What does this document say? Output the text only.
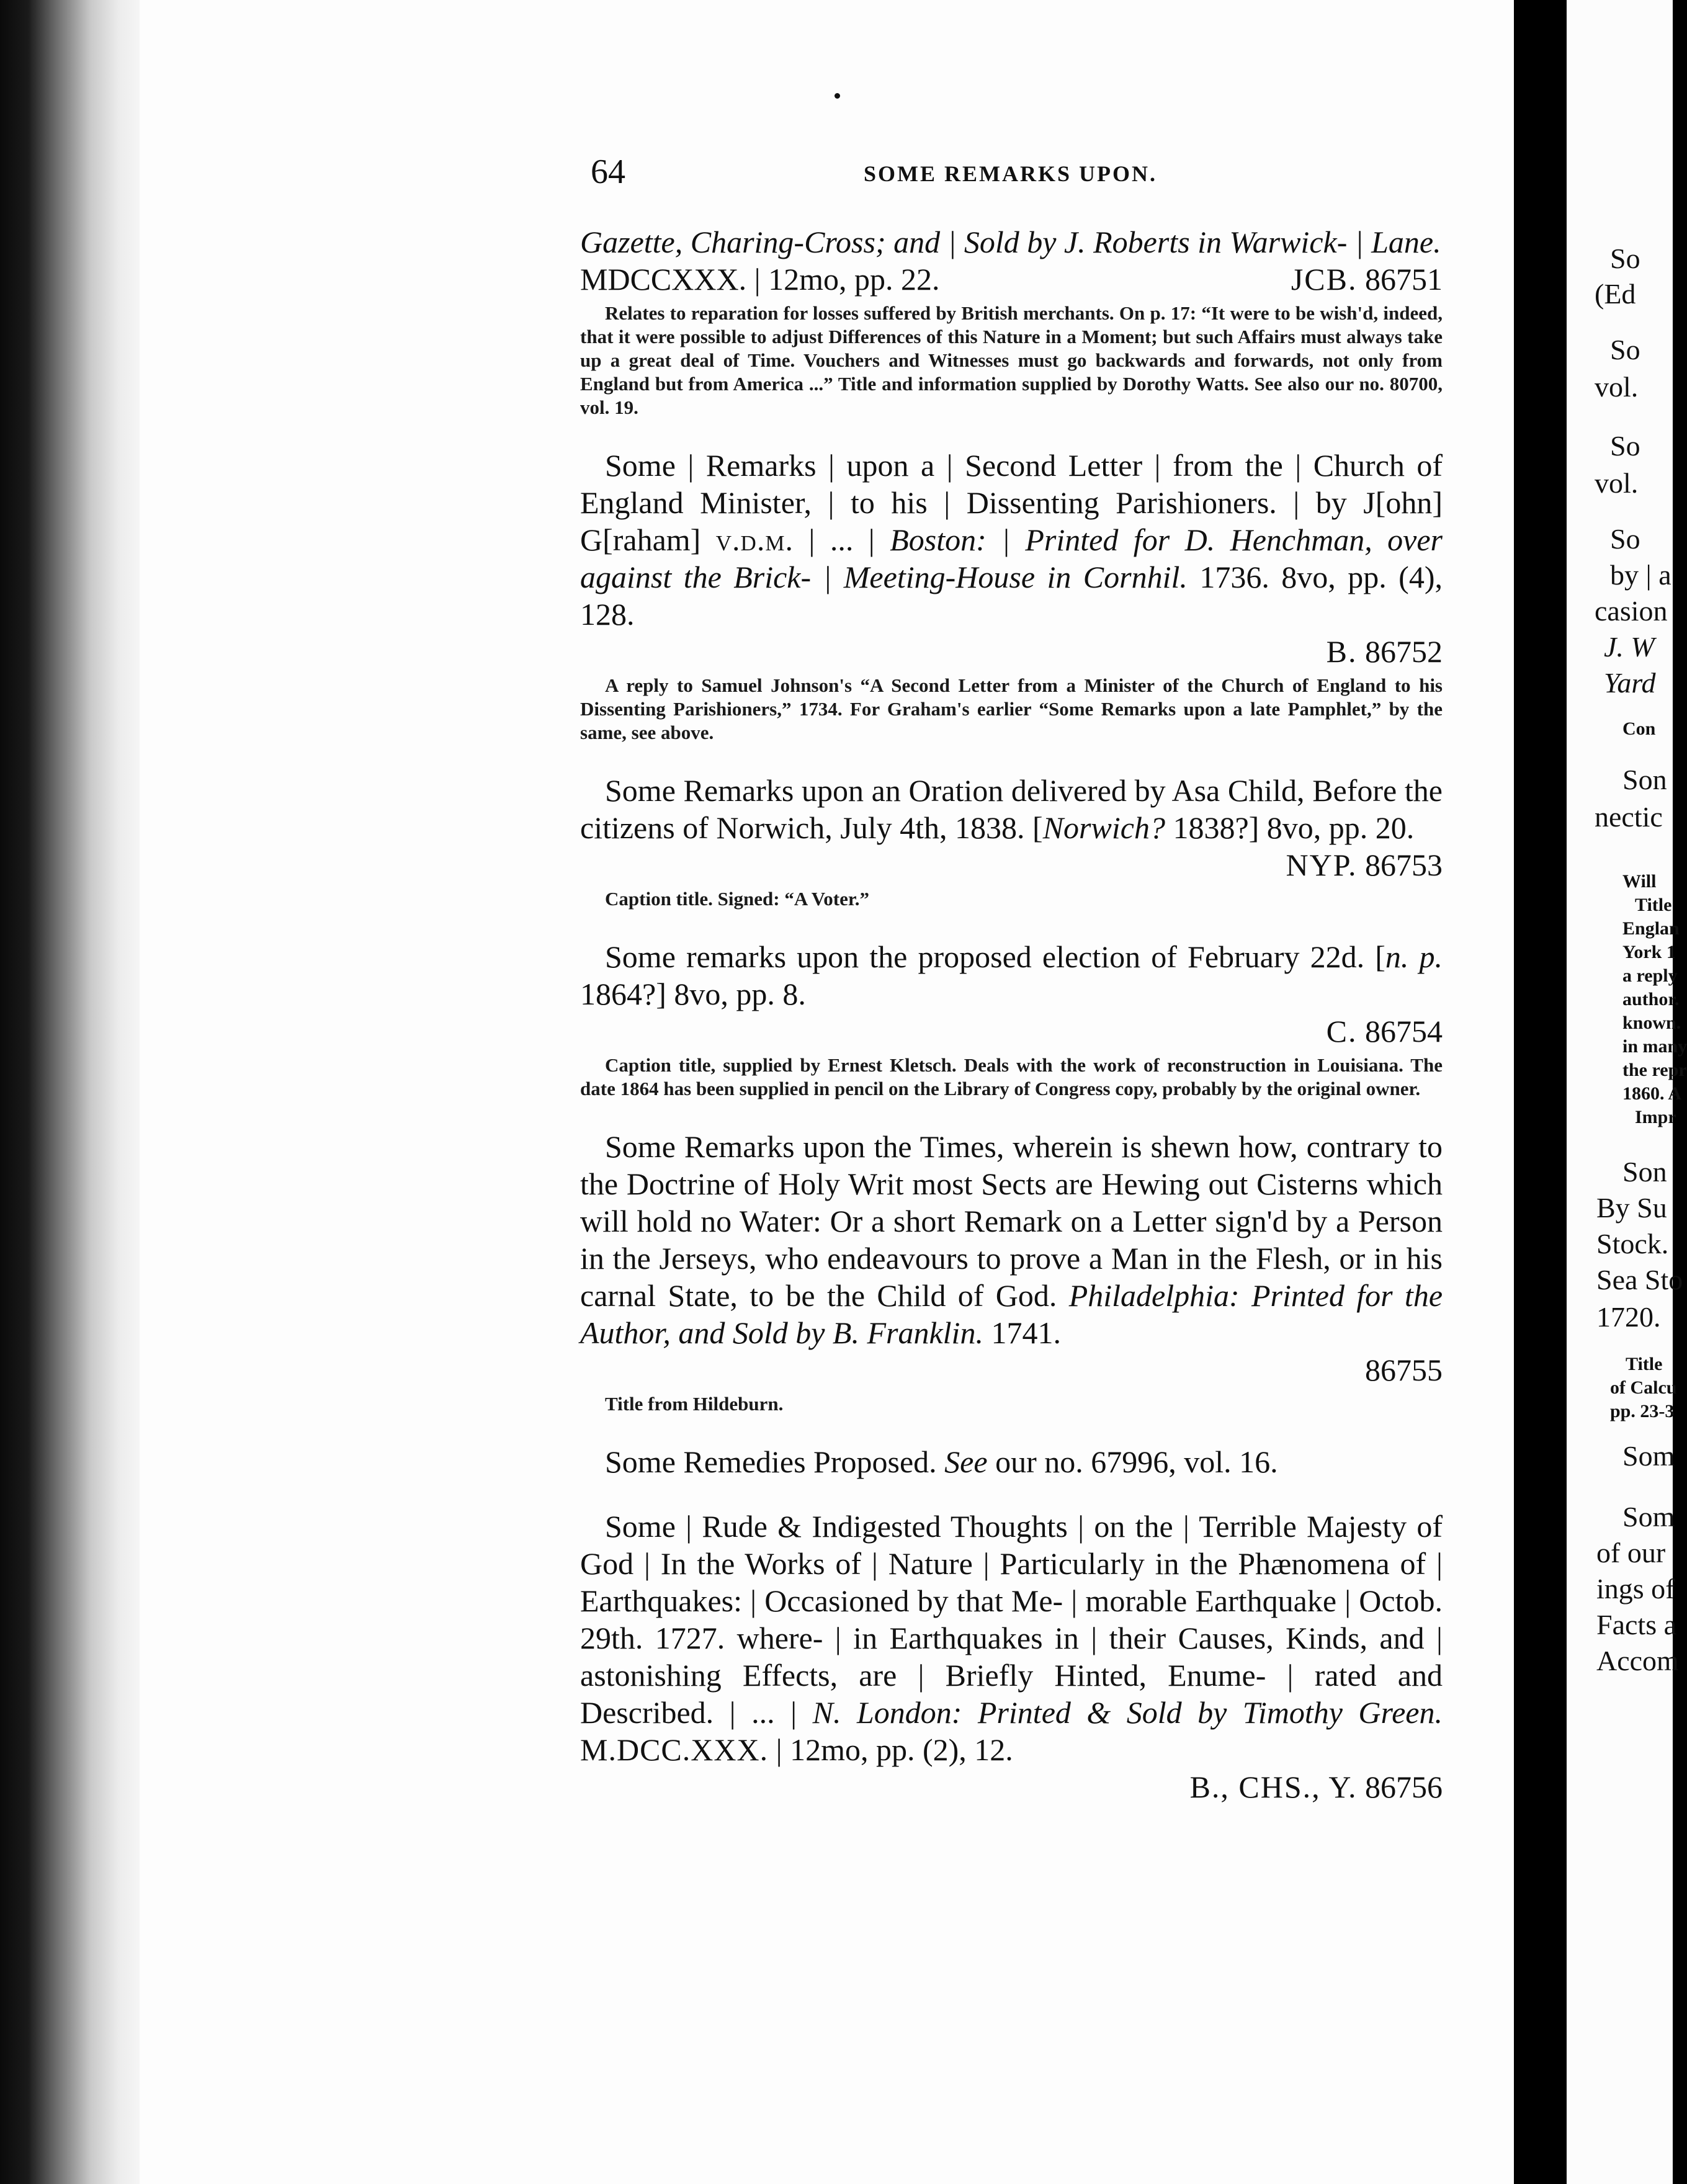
64	SOME REMARKS UPON.

Gazette, Charing-Cross; and | Sold by J. Roberts in Warwick- | Lane.
MDCCXXX. | 12mo, pp. 22.	JCB. 86751

Relates to reparation for losses suffered by British merchants. On p. 17: “It were to be wish'd, indeed, that it were possible to adjust Differences of this Nature in a Moment; but such Affairs must always take up a great deal of Time. Vouchers and Witnesses must go backwards and forwards, not only from England but from America ...” Title and information supplied by Dorothy Watts. See also our no. 80700, vol. 19.

Some | Remarks | upon a | Second Letter | from the | Church of England Minister, | to his | Dissenting Parishioners. | by J[ohn] G[raham] v.d.m. | ... | Boston: | Printed for D. Henchman, over against the Brick- | Meeting-House in Cornhil. 1736. 8vo, pp. (4), 128.
B. 86752

A reply to Samuel Johnson's “A Second Letter from a Minister of the Church of England to his Dissenting Parishioners,” 1734. For Graham's earlier “Some Remarks upon a late Pamphlet,” by the same, see above.

Some Remarks upon an Oration delivered by Asa Child, Before the citizens of Norwich, July 4th, 1838. [Norwich? 1838?] 8vo, pp. 20.
NYP. 86753

Caption title. Signed: “A Voter.”

Some remarks upon the proposed election of February 22d. [n. p. 1864?] 8vo, pp. 8.
C. 86754

Caption title, supplied by Ernest Kletsch. Deals with the work of reconstruction in Louisiana. The date 1864 has been supplied in pencil on the Library of Congress copy, probably by the original owner.

Some Remarks upon the Times, wherein is shewn how, contrary to the Doctrine of Holy Writ most Sects are Hewing out Cisterns which will hold no Water: Or a short Remark on a Letter sign'd by a Person in the Jerseys, who endeavours to prove a Man in the Flesh, or in his carnal State, to be the Child of God. Philadelphia: Printed for the Author, and Sold by B. Franklin. 1741.
86755

Title from Hildeburn.

Some Remedies Proposed. See our no. 67996, vol. 16.

Some | Rude & Indigested Thoughts | on the | Terrible Majesty of God | In the Works of | Nature | Particularly in the Phænomena of | Earthquakes: | Occasioned by that Me- | morable Earthquake | Octob. 29th. 1727. where- | in Earthquakes in | their Causes, Kinds, and | astonishing Effects, are | Briefly Hinted, Enume- | rated and Described. | ... | N. London: Printed & Sold by Timothy Green. M.DCC.XXX. | 12mo, pp. (2), 12.
B., CHS., Y. 86756

So
(Ed
So
vol.
So
vol.
So
by | a
casion
J. W
Yard
Con
Son
nectic
Will
Title
Englan
York 1
a reply
author.
known.
in many
the repr
1860. A
Impr
Son
By Su
Stock.
Sea Sto
1720.
Title
of Calcu
pp. 23-3
Som
Som
of our
ings of
Facts a
Accom
